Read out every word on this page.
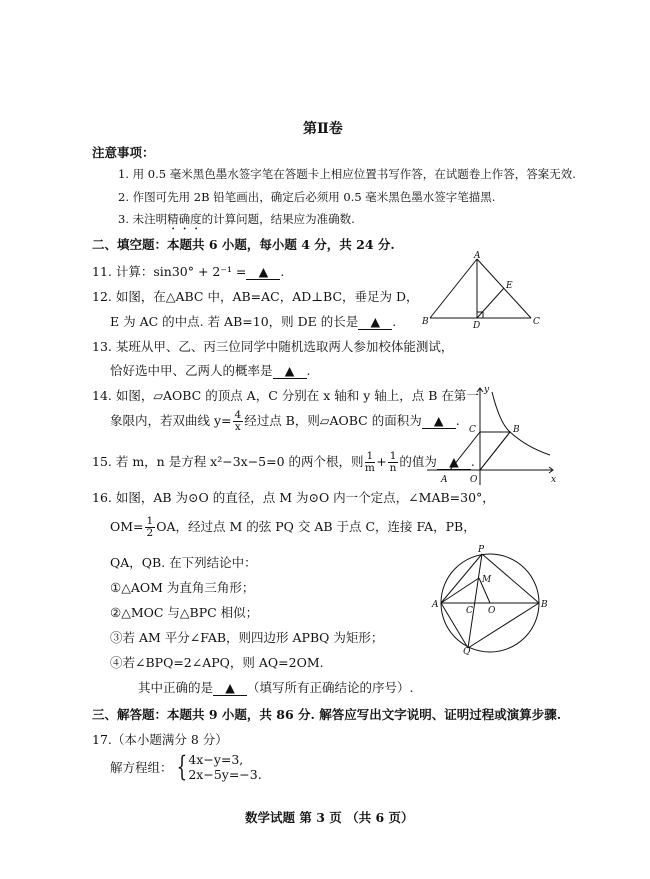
第Ⅱ卷
注意事项：
1. 用 0.5 毫米黑色墨水签字笔在答题卡上相应位置书写作答，在试题卷上作答，答案无效.
2. 作图可先用 2B 铅笔画出，确定后必须用 0.5 毫米黑色墨水签字笔描黑.
3. 未注明精确度的计算问题，结果应为准确数.
二、填空题：本题共 6 小题，每小题 4 分，共 24 分.
11. 计算：sin30° + 2⁻¹ = ▲ .
12. 如图，在△ABC 中，AB=AC，AD⊥BC，垂足为 D，
E 为 AC 的中点. 若 AB=10，则 DE 的长是 ▲ .
13. 某班从甲、乙、丙三位同学中随机选取两人参加校体能测试，
恰好选中甲、乙两人的概率是 ▲ .
14. 如图，▱AOBC 的顶点 A，C 分别在 x 轴和 y 轴上，点 B 在第一
象限内，若双曲线 $y= \frac{4}{x}$ 经过点 B，则▱AOBC 的面积为 ▲ .
15. 若 m，n 是方程 x²−3x−5=0 的两个根，则 $\frac{1}{m} + \frac{1}{n}$ 的值为 ▲ .
16. 如图，AB 为⊙O 的直径，点 M 为⊙O 内一个定点，∠MAB=30°，
$OM= \frac{1}{2}$ OA，经过点 M 的弦 PQ 交 AB 于点 C，连接 FA，PB，
QA，QB. 在下列结论中：
①△AOM 为直角三角形；
②△MOC 与△BPC 相似；
③若 AM 平分∠FAB，则四边形 APBQ 为矩形；
④若∠BPQ=2∠APQ，则 AQ=2OM.
其中正确的是 ▲ （填写所有正确结论的序号）.
三、解答题：本题共 9 小题，共 86 分. 解答应写出文字说明、证明过程或演算步骤.
17.（本小题满分 8 分）
解方程组： { 4x−y=3,
2x−5y=−3.
A
B	C
D
E
y
x
C	B
A	O
P
M
A
C O
B
Q
数学试题 第 3 页 （共 6 页）
